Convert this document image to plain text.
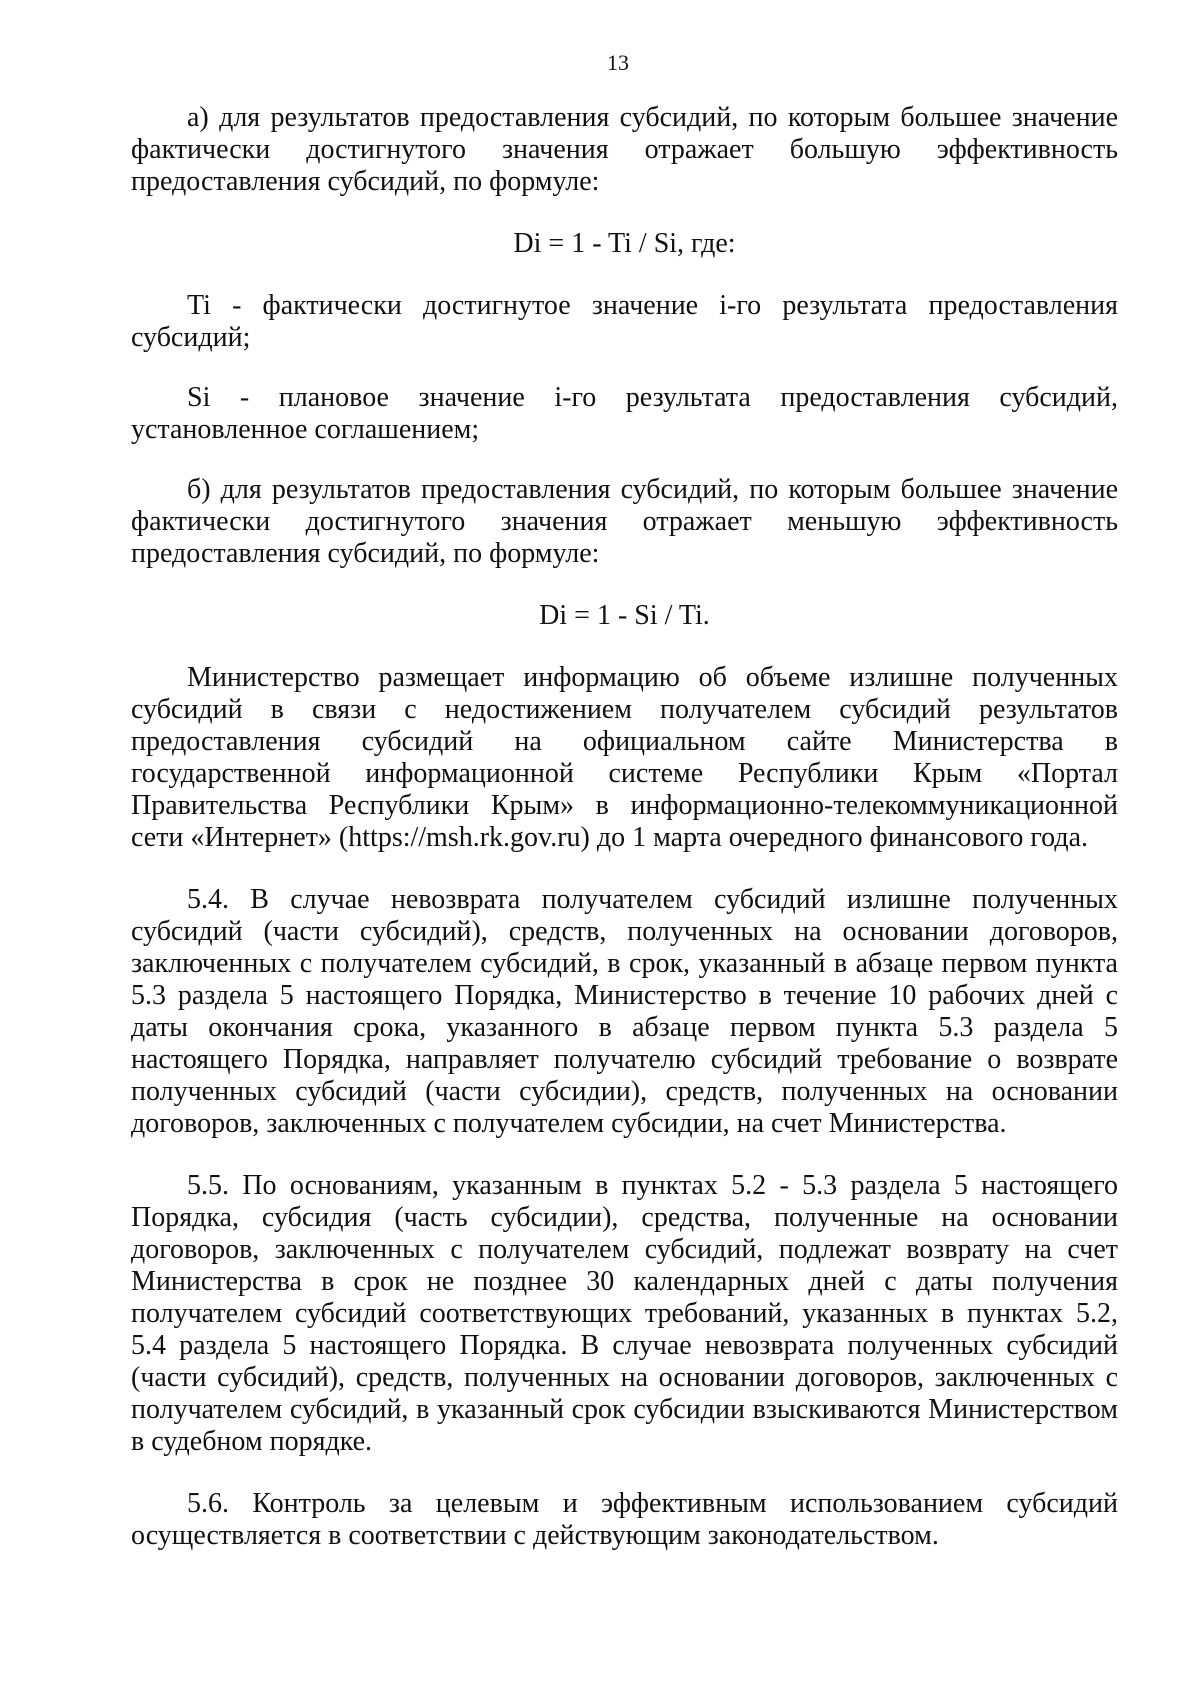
13

а) для результатов предоставления субсидий, по которым большее значение фактически достигнутого значения отражает большую эффективность предоставления субсидий, по формуле:

Di = 1 - Ti / Si, где:

Ti - фактически достигнутое значение i-го результата предоставления субсидий;

Si - плановое значение i-го результата предоставления субсидий, установленное соглашением;

б) для результатов предоставления субсидий, по которым большее значение фактически достигнутого значения отражает меньшую эффективность предоставления субсидий, по формуле:

Di = 1 - Si / Ti.

Министерство размещает информацию об объеме излишне полученных субсидий в связи с недостижением получателем субсидий результатов предоставления субсидий на официальном сайте Министерства в государственной информационной системе Республики Крым «Портал Правительства Республики Крым» в информационно-телекоммуникационной сети «Интернет» (https://msh.rk.gov.ru) до 1 марта очередного финансового года.

5.4. В случае невозврата получателем субсидий излишне полученных субсидий (части субсидий), средств, полученных на основании договоров, заключенных с получателем субсидий, в срок, указанный в абзаце первом пункта 5.3 раздела 5 настоящего Порядка, Министерство в течение 10 рабочих дней с даты окончания срока, указанного в абзаце первом пункта 5.3 раздела 5 настоящего Порядка, направляет получателю субсидий требование о возврате полученных субсидий (части субсидии), средств, полученных на основании договоров, заключенных с получателем субсидии, на счет Министерства.

5.5. По основаниям, указанным в пунктах 5.2 - 5.3 раздела 5 настоящего Порядка, субсидия (часть субсидии), средства, полученные на основании договоров, заключенных с получателем субсидий, подлежат возврату на счет Министерства в срок не позднее 30 календарных дней с даты получения получателем субсидий соответствующих требований, указанных в пунктах 5.2, 5.4 раздела 5 настоящего Порядка. В случае невозврата полученных субсидий (части субсидий), средств, полученных на основании договоров, заключенных с получателем субсидий, в указанный срок субсидии взыскиваются Министерством в судебном порядке.

5.6. Контроль за целевым и эффективным использованием субсидий осуществляется в соответствии с действующим законодательством.
